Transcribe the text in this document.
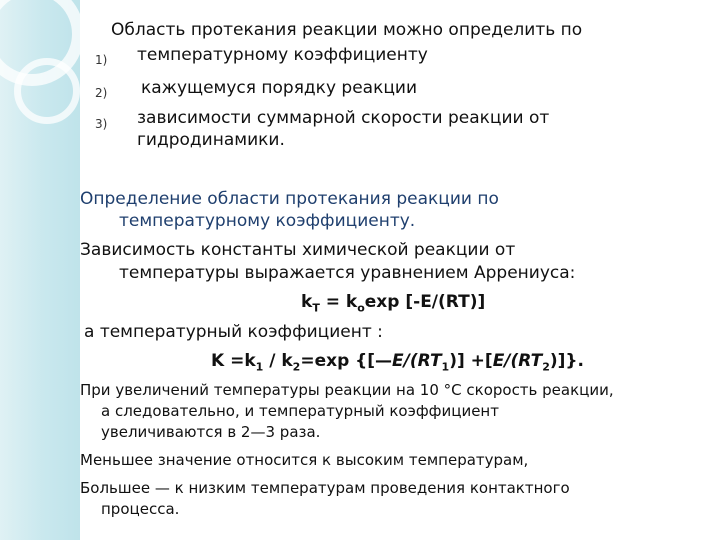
Область протекания реакции можно определить по
1) температурному коэффициенту
2) кажущемуся порядку реакции
3) зависимости суммарной скорости реакции от
гидродинамики.
Определение области протекания реакции по
температурному коэффициенту.
Зависимость константы химической реакции от
температуры выражается уравнением Аррениуса:
$k_T = k_o\exp$ [-E/(RT)]
а температурный коэффициент :
$K =k_1 / k_2=\exp$ $\{[—E/(RT_1)] +[E/(RT_2)]\}$.
При увеличений температуры реакции на 10 °С скорость реакции,
а следовательно, и температурный коэффициент
увеличиваются в 2—3 раза.
Меньшее значение относится к высоким температурам,
Большее — к низким температурам проведения контактного
процесса.
